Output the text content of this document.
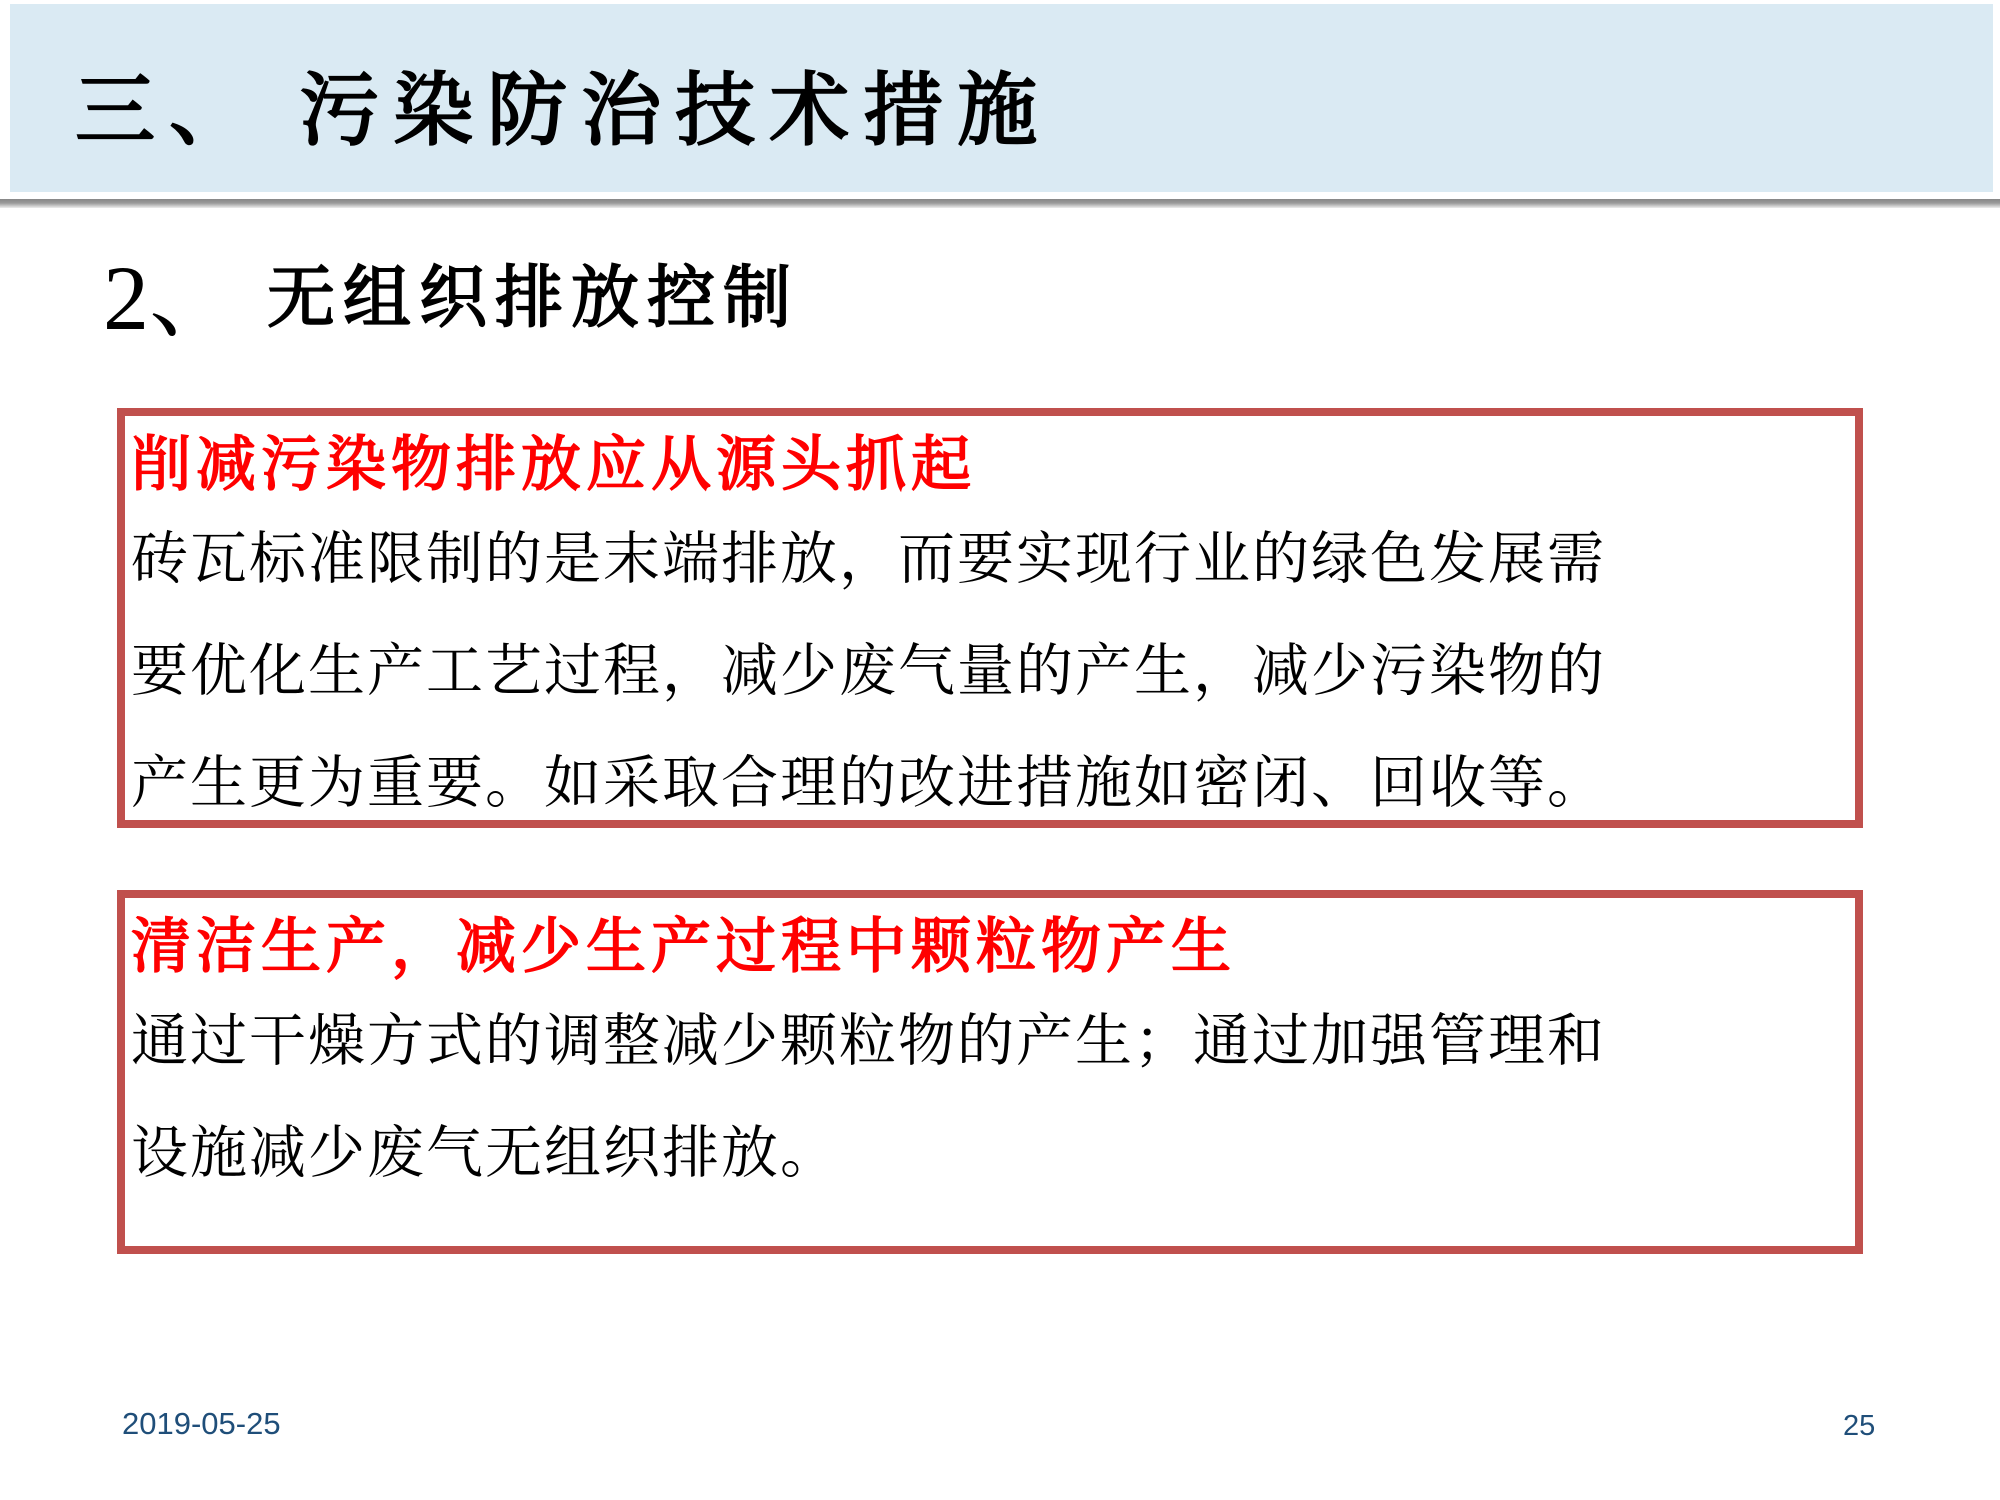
三、 污染防治技术措施
2、 无组织排放控制
削减污染物排放应从源头抓起
砖瓦标准限制的是末端排放，而要实现行业的绿色发展需
要优化生产工艺过程，减少废气量的产生，减少污染物的
产生更为重要。如采取合理的改进措施如密闭、回收等。
清洁生产，减少生产过程中颗粒物产生
通过干燥方式的调整减少颗粒物的产生；通过加强管理和
设施减少废气无组织排放。
2019-05-25	25
